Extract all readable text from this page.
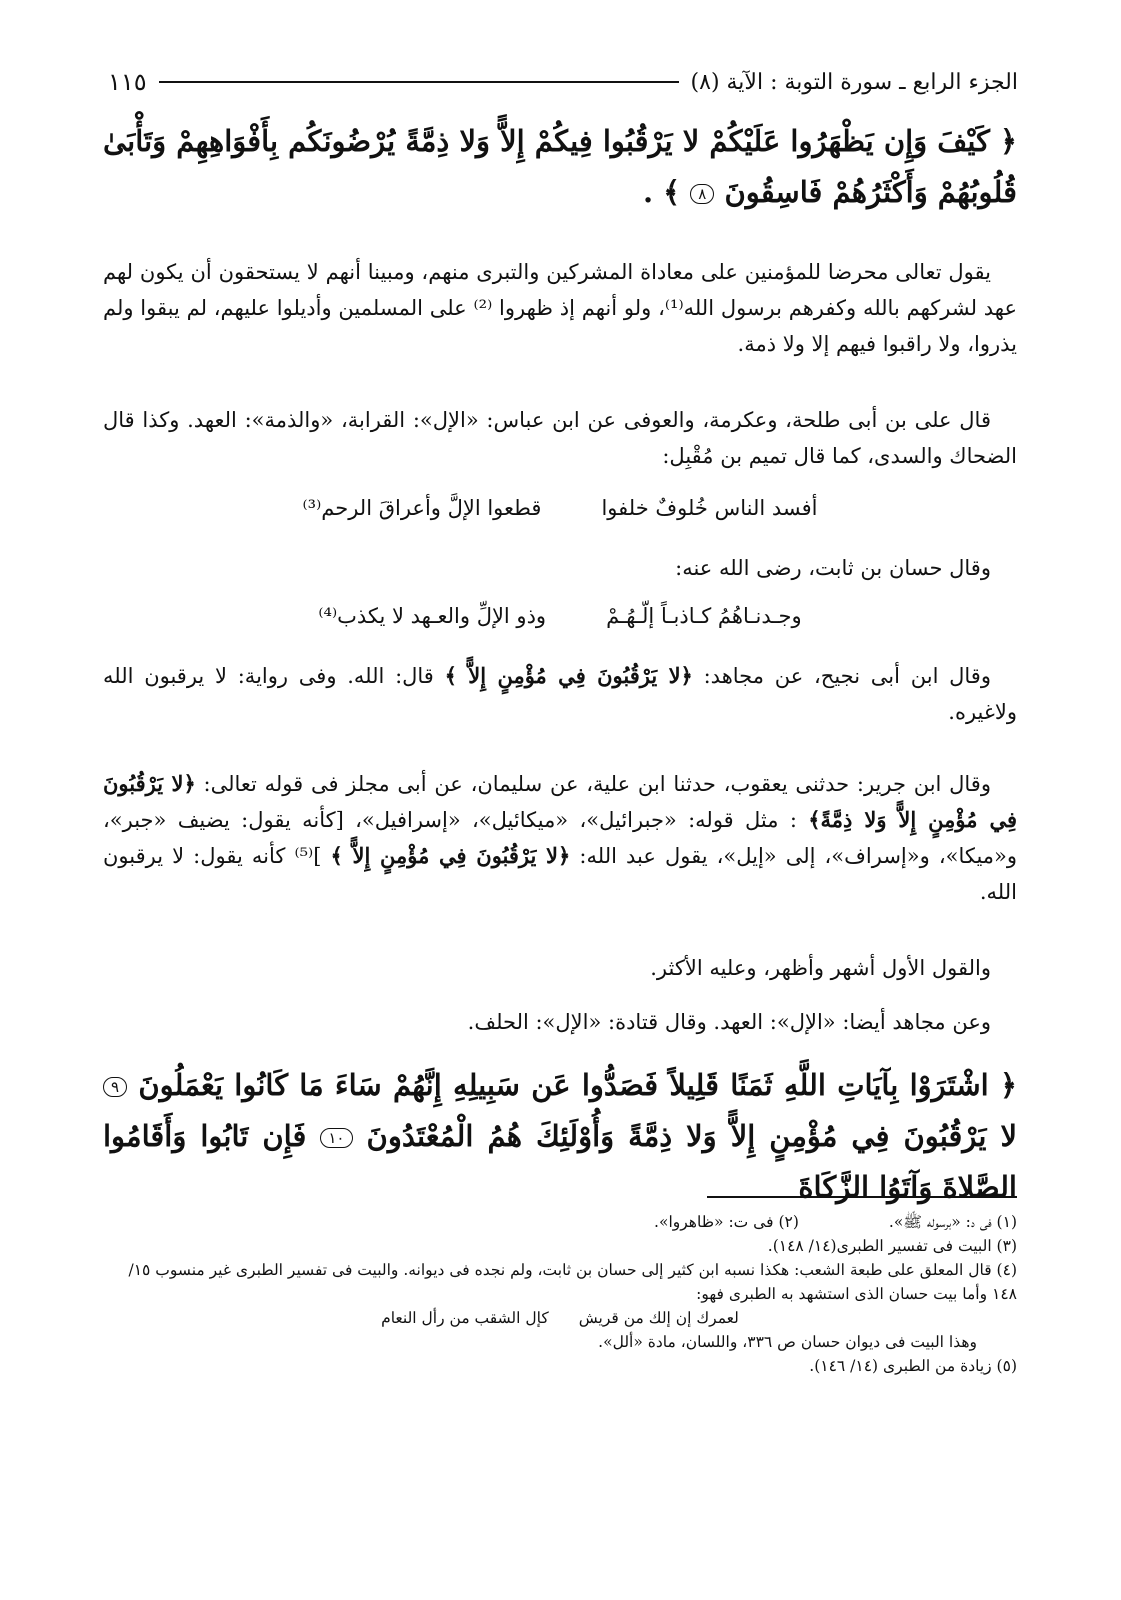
الجزء الرابع ـ سورة التوبة : الآية (٨)
١١٥
﴿ كَيْفَ وَإِن يَظْهَرُوا عَلَيْكُمْ لا يَرْقُبُوا فِيكُمْ إِلاًّ وَلا ذِمَّةً يُرْضُونَكُم بِأَفْوَاهِهِمْ وَتَأْبَىٰ قُلُوبُهُمْ وَأَكْثَرُهُمْ فَاسِقُونَ ٨ ﴾ .
يقول تعالى محرضا للمؤمنين على معاداة المشركين والتبرى منهم، ومبينا أنهم لا يستحقون أن يكون لهم عهد لشركهم بالله وكفرهم برسول الله⁽¹⁾، ولو أنهم إذ ظهروا ⁽²⁾ على المسلمين وأديلوا عليهم، لم يبقوا ولم يذروا، ولا راقبوا فيهم إلا ولا ذمة.
قال على بن أبى طلحة، وعكرمة، والعوفى عن ابن عباس: «الإل»: القرابة، «والذمة»: العهد. وكذا قال الضحاك والسدى، كما قال تميم بن مُقْبِل:
أفسد الناس خُلوفٌ خلفوا
قطعوا الإلَّ وأعراقَ الرحم⁽³⁾
وقال حسان بن ثابت، رضى الله عنه:
وجـدنـاهُمُ كـاذبـاً إلّـهُـمْ
وذو الإلِّ والعـهد لا يكذب⁽⁴⁾
وقال ابن أبى نجيح، عن مجاهد: ﴿لا يَرْقُبُونَ فِي مُؤْمِنٍ إِلاًّ ﴾ قال: الله. وفى رواية: لا يرقبون الله ولاغيره.
وقال ابن جرير: حدثنى يعقوب، حدثنا ابن علية، عن سليمان، عن أبى مجلز فى قوله تعالى: ﴿لا يَرْقُبُونَ فِي مُؤْمِنٍ إِلاًّ وَلا ذِمَّةً﴾ : مثل قوله: «جبرائيل»، «ميكائيل»، «إسرافيل»، [كأنه يقول: يضيف «جبر»، و«ميكا»، و«إسراف»، إلى «إيل»، يقول عبد الله: ﴿لا يَرْقُبُونَ فِي مُؤْمِنٍ إِلاًّ ﴾ ]⁽⁵⁾ كأنه يقول: لا يرقبون الله.
والقول الأول أشهر وأظهر، وعليه الأكثر.
وعن مجاهد أيضا: «الإل»: العهد. وقال قتادة: «الإل»: الحلف.
﴿ اشْتَرَوْا بِآيَاتِ اللَّهِ ثَمَنًا قَلِيلاً فَصَدُّوا عَن سَبِيلِهِ إِنَّهُمْ سَاءَ مَا كَانُوا يَعْمَلُونَ ٩ لا يَرْقُبُونَ فِي مُؤْمِنٍ إِلاًّ وَلا ذِمَّةً وَأُوْلَئِكَ هُمُ الْمُعْتَدُونَ ١٠ فَإِن تَابُوا وَأَقَامُوا الصَّلاةَ وَآتَوُا الزَّكَاةَ
(١) فى د: «برسوله ﷺ».
(٢) فى ت: «ظاهروا».
(٣) البيت فى تفسير الطبرى(١٤/ ١٤٨).
(٤) قال المعلق على طبعة الشعب: هكذا نسبه ابن كثير إلى حسان بن ثابت، ولم نجده فى ديوانه. والبيت فى تفسير الطبرى غير منسوب ١٥/ ١٤٨ وأما بيت حسان الذى استشهد به الطبرى فهو:
لعمرك إن إلك من قريش
كإل الشقب من رأل النعام
وهذا البيت فى ديوان حسان ص ٣٣٦، واللسان، مادة «ألل».
(٥) زيادة من الطبرى (١٤/ ١٤٦).
